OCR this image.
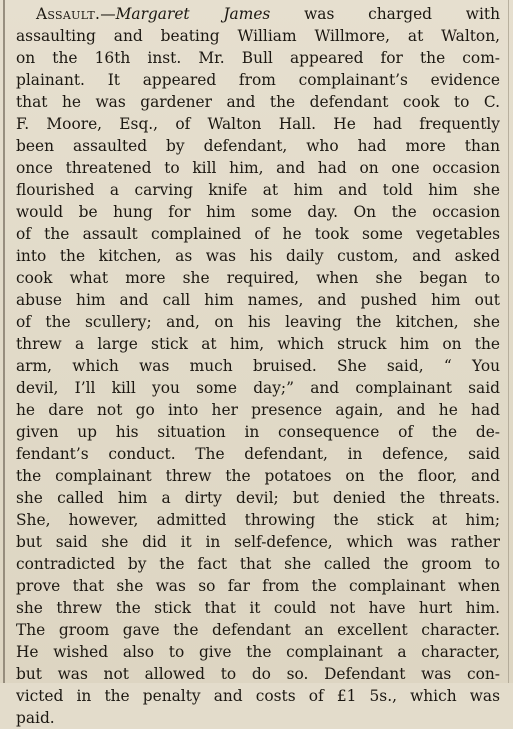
Assault.—Margaret James was charged with
assaulting and beating William Willmore, at Walton,
on the 16th inst. Mr. Bull appeared for the com-
plainant. It appeared from complainant’s evidence
that he was gardener and the defendant cook to C.
F. Moore, Esq., of Walton Hall. He had frequently
been assaulted by defendant, who had more than
once threatened to kill him, and had on one occasion
flourished a carving knife at him and told him she
would be hung for him some day. On the occasion
of the assault complained of he took some vegetables
into the kitchen, as was his daily custom, and asked
cook what more she required, when she began to
abuse him and call him names, and pushed him out
of the scullery; and, on his leaving the kitchen, she
threw a large stick at him, which struck him on the
arm, which was much bruised. She said, “ You
devil, I’ll kill you some day;” and complainant said
he dare not go into her presence again, and he had
given up his situation in consequence of the de-
fendant’s conduct. The defendant, in defence, said
the complainant threw the potatoes on the floor, and
she called him a dirty devil; but denied the threats.
She, however, admitted throwing the stick at him;
but said she did it in self-defence, which was rather
contradicted by the fact that she called the groom to
prove that she was so far from the complainant when
she threw the stick that it could not have hurt him.
The groom gave the defendant an excellent character.
He wished also to give the complainant a character,
but was not allowed to do so. Defendant was con-
victed in the penalty and costs of £1 5s., which was
paid.
